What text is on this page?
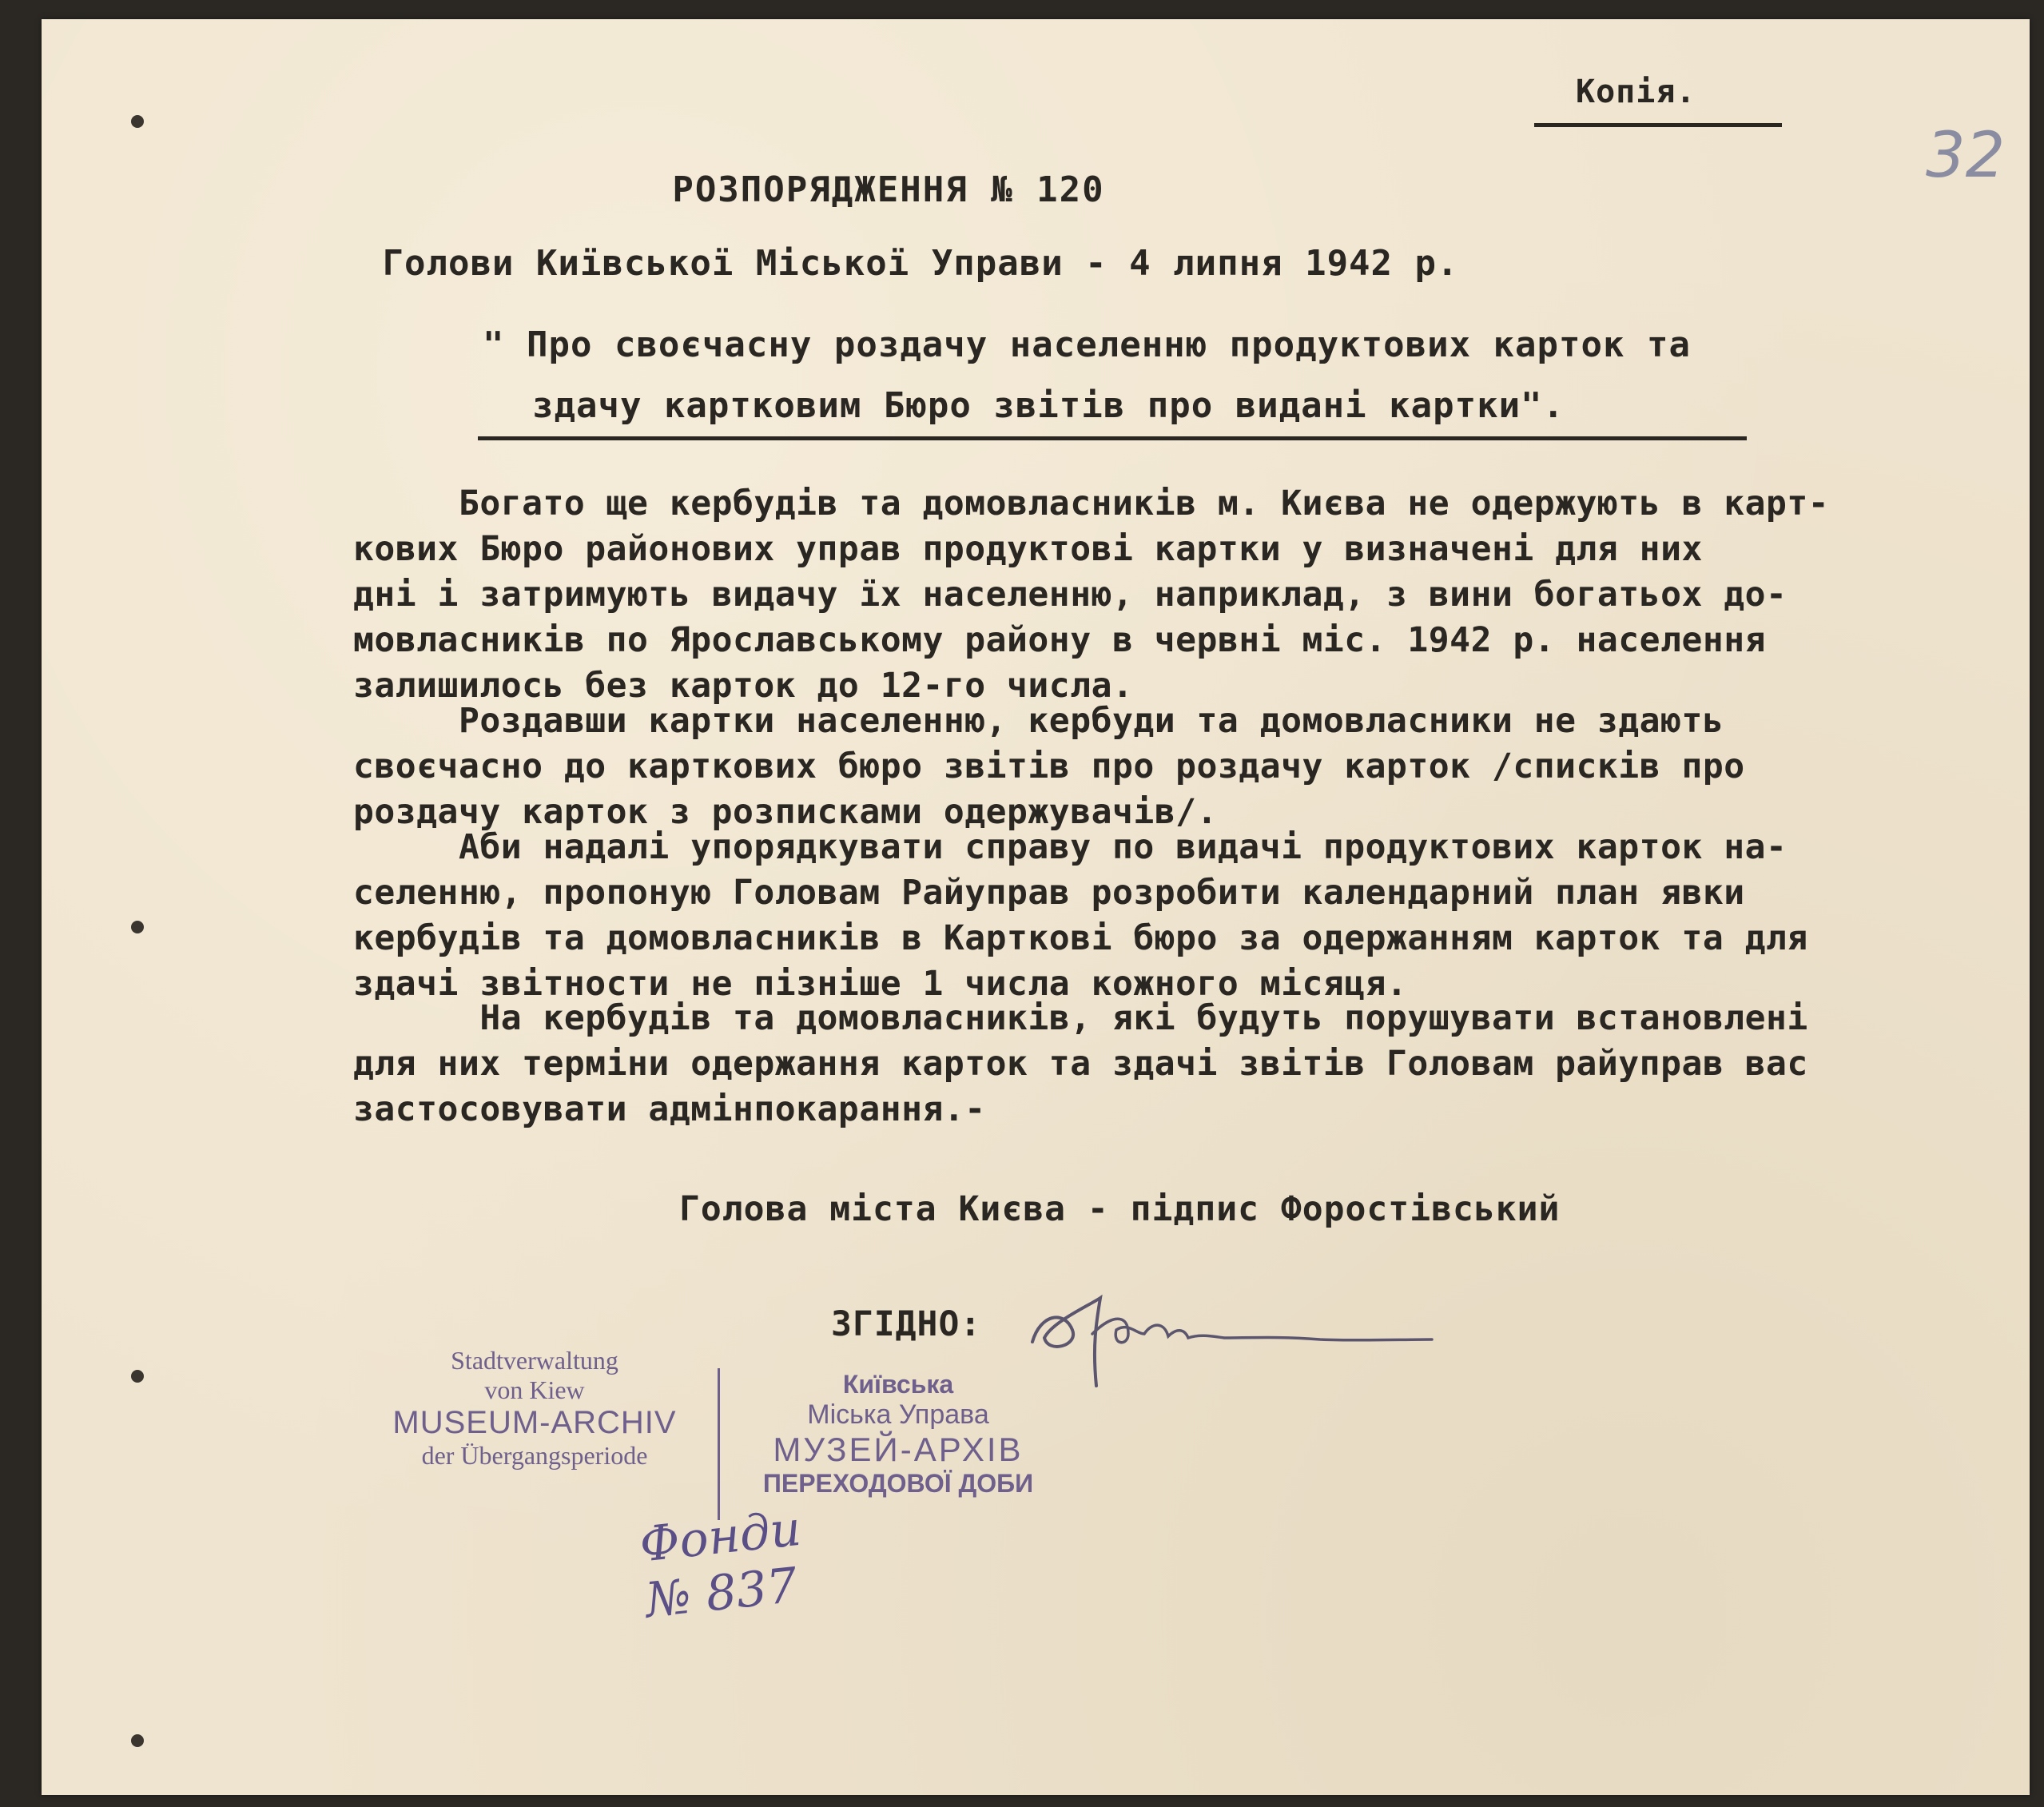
Копія.
32
РОЗПОРЯДЖЕННЯ № 120
Голови Київської Міської Управи - 4 липня 1942 р.
" Про своєчасну роздачу населенню продуктових карток та
здачу картковим Бюро звітів про видані картки".
Богато ще кербудів та домовласників м. Києва не одержують в карт-
кових Бюро районових управ продуктові картки у визначені для них
дні і затримують видачу їх населенню, наприклад, з вини богатьох до-
мовласників по Ярославському району в червні міс. 1942 р. населення
залишилось без карток до 12-го числа.
Роздавши картки населенню, кербуди та домовласники не здають
своєчасно до карткових бюро звітів про роздачу карток /списків про
роздачу карток з розписками одержувачів/.
Аби надалі упорядкувати справу по видачі продуктових карток на-
селенню, пропоную Головам Райуправ розробити календарний план явки
кербудів та домовласників в Карткові бюро за одержанням карток та для
здачі звітности не пізніше 1 числа кожного місяця.
На кербудів та домовласників, які будуть порушувати встановлені
для них терміни одержання карток та здачі звітів Головам райуправ вас
застосовувати адмінпокарання.-
Голова міста Києва - підпис Форостівський
ЗГІДНО:
Stadtverwaltung
von Kiew
MUSEUM-ARCHIV
der Übergangsperiode
Київська
Міська Управа
МУЗЕЙ-АРХІВ
ПЕРЕХОДОВОЇ ДОБИ
Фонди
№ 837
